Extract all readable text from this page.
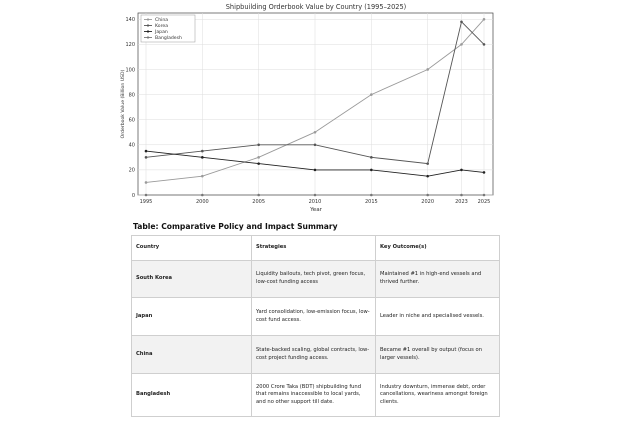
Shipbuilding Orderbook Value by Country (1995–2025)
0
20
40
60
80
100
120
140
1995	2000	2005	2010	2015	2020	2023 2025
Year
Orderbook Value (Billion USD)
China
Korea
Japan
Bangladesh

Table: Comparative Policy and Impact Summary

Country	Strategies	Key Outcome(s)
South Korea	Liquidity bailouts, tech pivot, green focus, low-cost funding access	Maintained #1 in high-end vessels and thrived further.
Japan	Yard consolidation, low-emission focus, low-cost fund access.	Leader in niche and specialised vessels.
China	State-backed scaling, global contracts, low-cost project funding access.	Became #1 overall by output (focus on larger vessels).
Bangladesh	2000 Crore Taka (BDT) shipbuilding fund that remains inaccessible to local yards, and no other support till date.	Industry downturn, immense debt, order cancellations, weariness amongst foreign clients.
